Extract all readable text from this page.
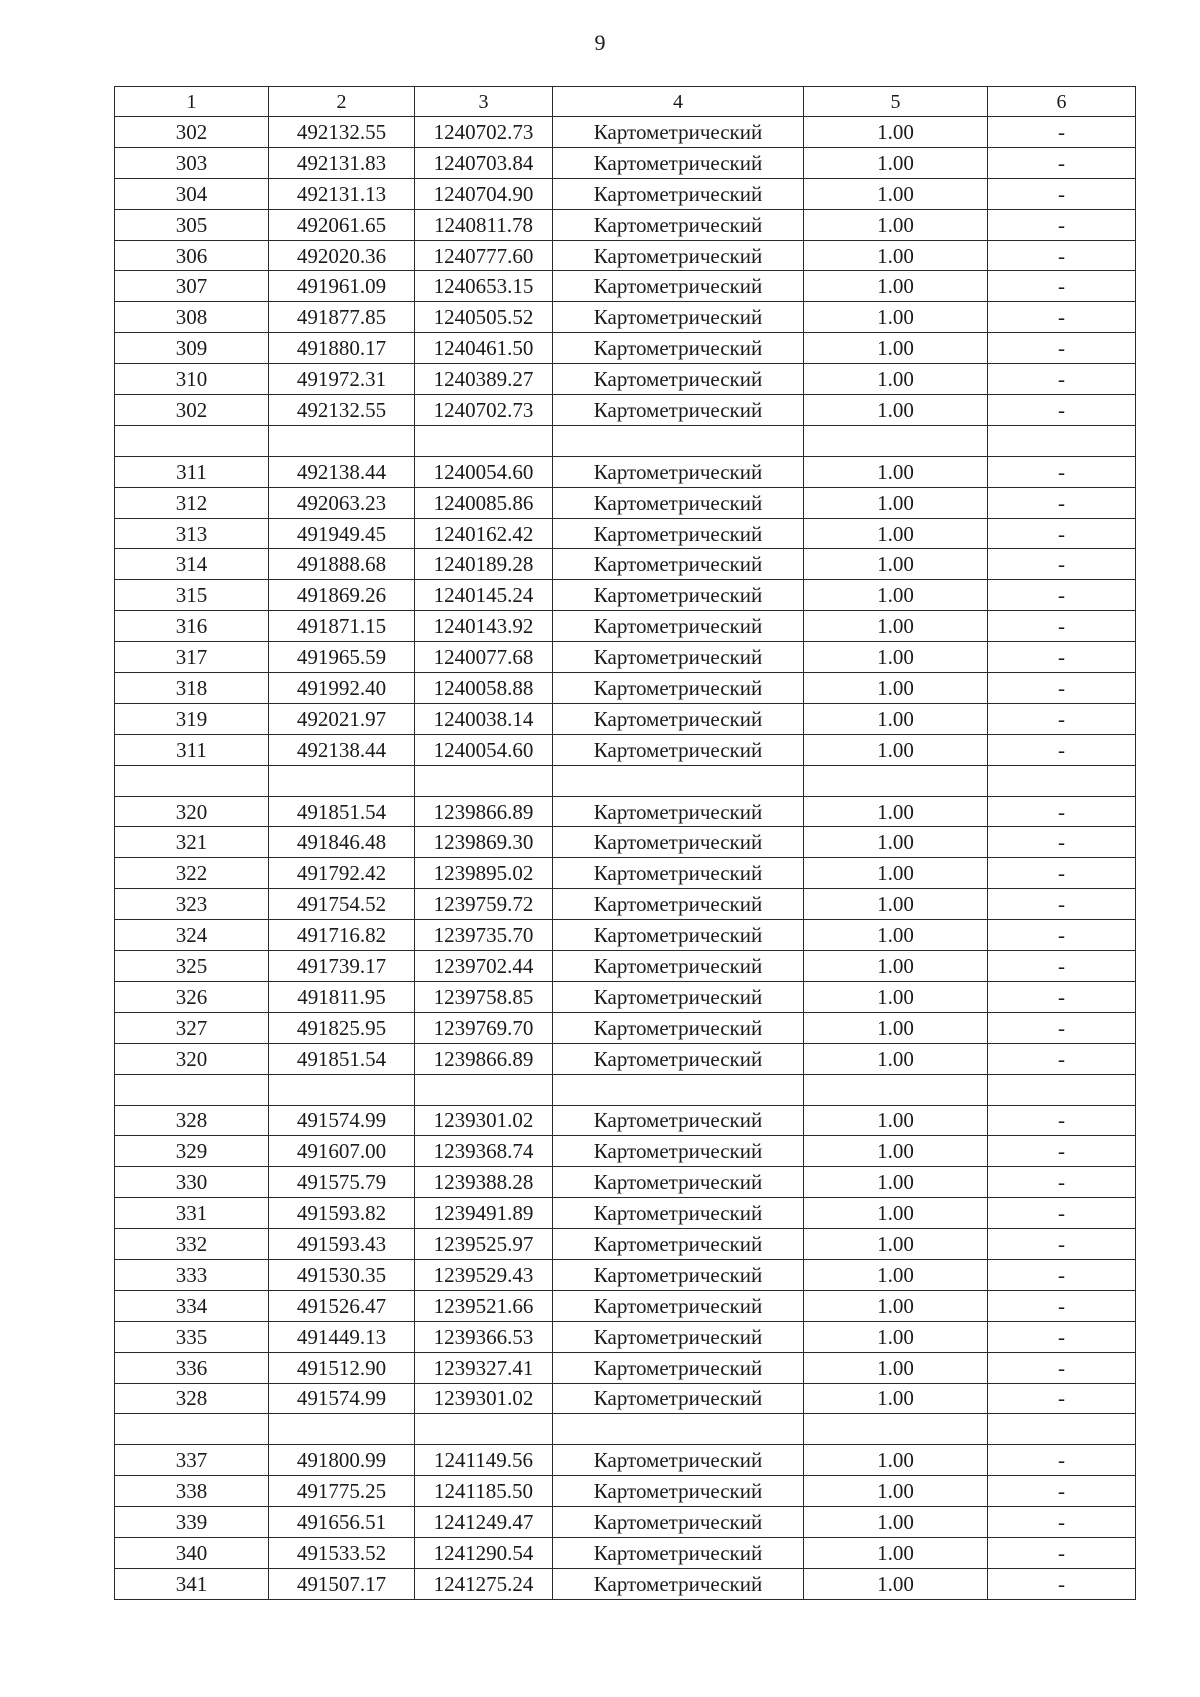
9
1	2	3	4	5	6
302	492132.55	1240702.73	Картометрический	1.00	-
303	492131.83	1240703.84	Картометрический	1.00	-
304	492131.13	1240704.90	Картометрический	1.00	-
305	492061.65	1240811.78	Картометрический	1.00	-
306	492020.36	1240777.60	Картометрический	1.00	-
307	491961.09	1240653.15	Картометрический	1.00	-
308	491877.85	1240505.52	Картометрический	1.00	-
309	491880.17	1240461.50	Картометрический	1.00	-
310	491972.31	1240389.27	Картометрический	1.00	-
302	492132.55	1240702.73	Картометрический	1.00	-

311	492138.44	1240054.60	Картометрический	1.00	-
312	492063.23	1240085.86	Картометрический	1.00	-
313	491949.45	1240162.42	Картометрический	1.00	-
314	491888.68	1240189.28	Картометрический	1.00	-
315	491869.26	1240145.24	Картометрический	1.00	-
316	491871.15	1240143.92	Картометрический	1.00	-
317	491965.59	1240077.68	Картометрический	1.00	-
318	491992.40	1240058.88	Картометрический	1.00	-
319	492021.97	1240038.14	Картометрический	1.00	-
311	492138.44	1240054.60	Картометрический	1.00	-

320	491851.54	1239866.89	Картометрический	1.00	-
321	491846.48	1239869.30	Картометрический	1.00	-
322	491792.42	1239895.02	Картометрический	1.00	-
323	491754.52	1239759.72	Картометрический	1.00	-
324	491716.82	1239735.70	Картометрический	1.00	-
325	491739.17	1239702.44	Картометрический	1.00	-
326	491811.95	1239758.85	Картометрический	1.00	-
327	491825.95	1239769.70	Картометрический	1.00	-
320	491851.54	1239866.89	Картометрический	1.00	-

328	491574.99	1239301.02	Картометрический	1.00	-
329	491607.00	1239368.74	Картометрический	1.00	-
330	491575.79	1239388.28	Картометрический	1.00	-
331	491593.82	1239491.89	Картометрический	1.00	-
332	491593.43	1239525.97	Картометрический	1.00	-
333	491530.35	1239529.43	Картометрический	1.00	-
334	491526.47	1239521.66	Картометрический	1.00	-
335	491449.13	1239366.53	Картометрический	1.00	-
336	491512.90	1239327.41	Картометрический	1.00	-
328	491574.99	1239301.02	Картометрический	1.00	-

337	491800.99	1241149.56	Картометрический	1.00	-
338	491775.25	1241185.50	Картометрический	1.00	-
339	491656.51	1241249.47	Картометрический	1.00	-
340	491533.52	1241290.54	Картометрический	1.00	-
341	491507.17	1241275.24	Картометрический	1.00	-
